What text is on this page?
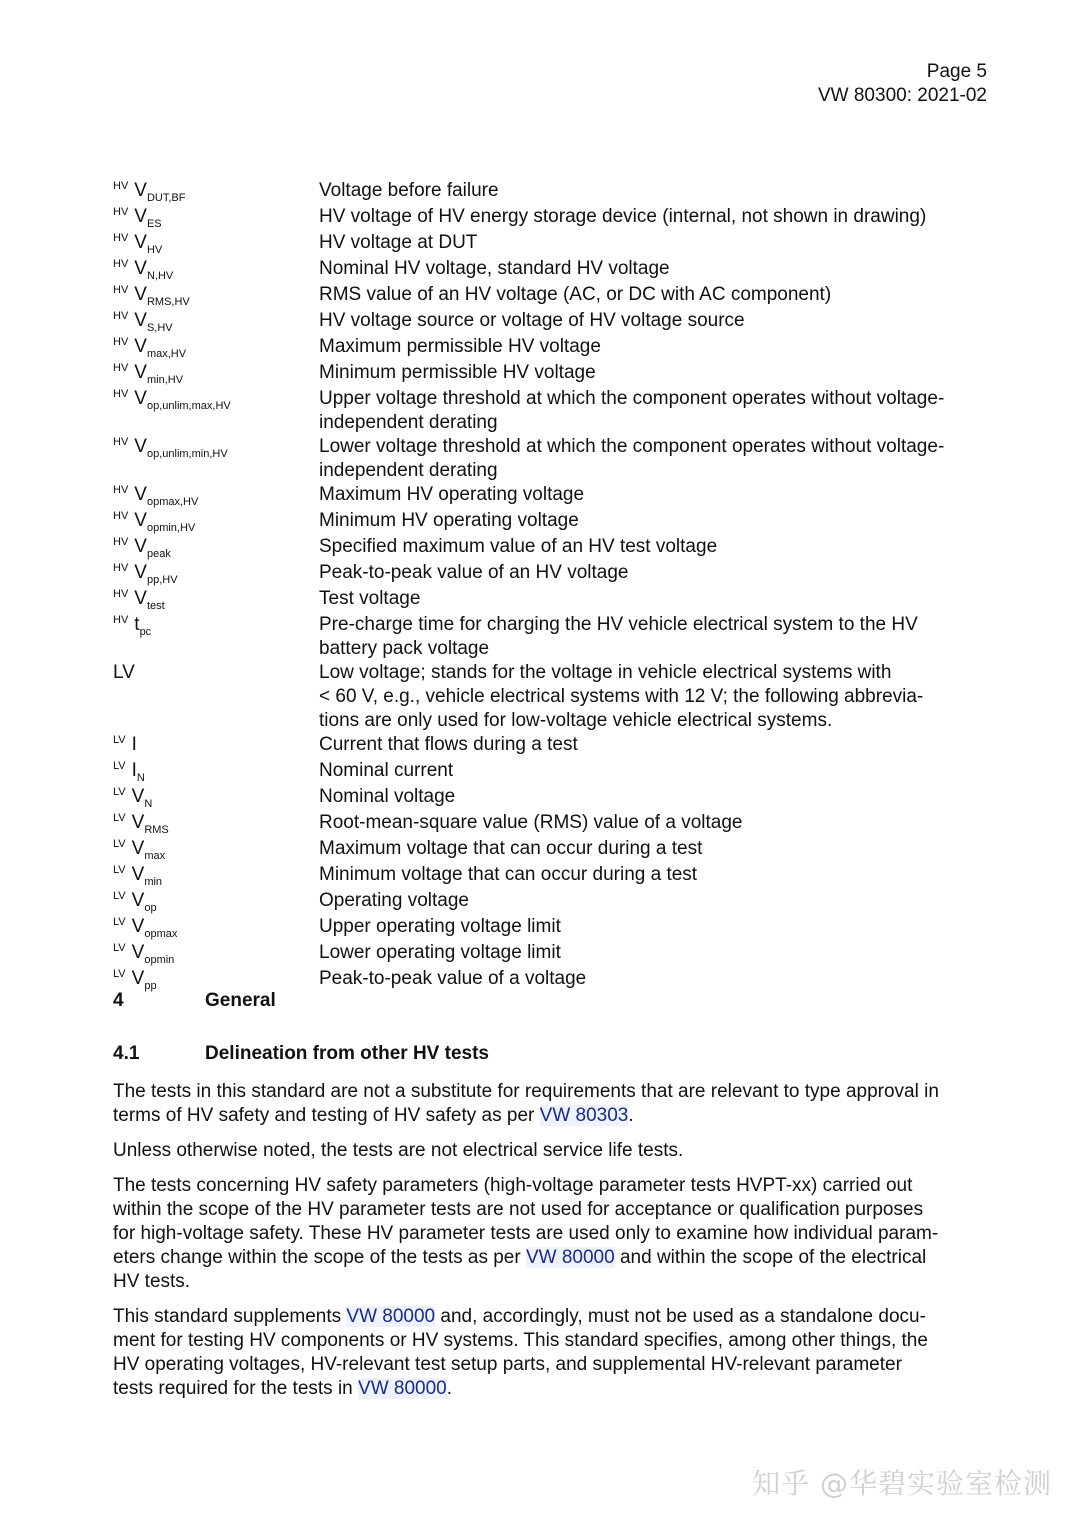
Page 5
VW 80300: 2021-02
$^{HV}$ $V_{DUT,BF}$	Voltage before failure
$^{HV}$ $V_{ES}$	HV voltage of HV energy storage device (internal, not shown in drawing)
$^{HV}$ $V_{HV}$	HV voltage at DUT
$^{HV}$ $V_{N,HV}$	Nominal HV voltage, standard HV voltage
$^{HV}$ $V_{RMS,HV}$	RMS value of an HV voltage (AC, or DC with AC component)
$^{HV}$ $V_{S,HV}$	HV voltage source or voltage of HV voltage source
$^{HV}$ $V_{max,HV}$	Maximum permissible HV voltage
$^{HV}$ $V_{min,HV}$	Minimum permissible HV voltage
$^{HV}$ $V_{op,unlim,max,HV}$	Upper voltage threshold at which the component operates without voltage-
independent derating
$^{HV}$ $V_{op,unlim,min,HV}$	Lower voltage threshold at which the component operates without voltage-
independent derating
$^{HV}$ $V_{opmax,HV}$	Maximum HV operating voltage
$^{HV}$ $V_{opmin,HV}$	Minimum HV operating voltage
$^{HV}$ $V_{peak}$	Specified maximum value of an HV test voltage
$^{HV}$ $V_{pp,HV}$	Peak-to-peak value of an HV voltage
$^{HV}$ $V_{test}$	Test voltage
$^{HV}$ $t_{pc}$	Pre-charge time for charging the HV vehicle electrical system to the HV
battery pack voltage
LV	Low voltage; stands for the voltage in vehicle electrical systems with
< 60 V, e.g., vehicle electrical systems with 12 V; the following abbrevia-
tions are only used for low-voltage vehicle electrical systems.
$^{LV}$ I	Current that flows during a test
$^{LV}$ $I_N$	Nominal current
$^{LV}$ $V_N$	Nominal voltage
$^{LV}$ $V_{RMS}$	Root-mean-square value (RMS) value of a voltage
$^{LV}$ $V_{max}$	Maximum voltage that can occur during a test
$^{LV}$ $V_{min}$	Minimum voltage that can occur during a test
$^{LV}$ $V_{op}$	Operating voltage
$^{LV}$ $V_{opmax}$	Upper operating voltage limit
$^{LV}$ $V_{opmin}$	Lower operating voltage limit
$^{LV}$ $V_{pp}$	Peak-to-peak value of a voltage
4	General
4.1	Delineation from other HV tests

The tests in this standard are not a substitute for requirements that are relevant to type approval in
terms of HV safety and testing of HV safety as per VW 80303.

Unless otherwise noted, the tests are not electrical service life tests.

The tests concerning HV safety parameters (high-voltage parameter tests HVPT-xx) carried out
within the scope of the HV parameter tests are not used for acceptance or qualification purposes
for high-voltage safety. These HV parameter tests are used only to examine how individual param-
eters change within the scope of the tests as per VW 80000 and within the scope of the electrical
HV tests.

This standard supplements VW 80000 and, accordingly, must not be used as a standalone docu-
ment for testing HV components or HV systems. This standard specifies, among other things, the
HV operating voltages, HV-relevant test setup parts, and supplemental HV-relevant parameter
tests required for the tests in VW 80000.

知乎 @华碧实验室检测
